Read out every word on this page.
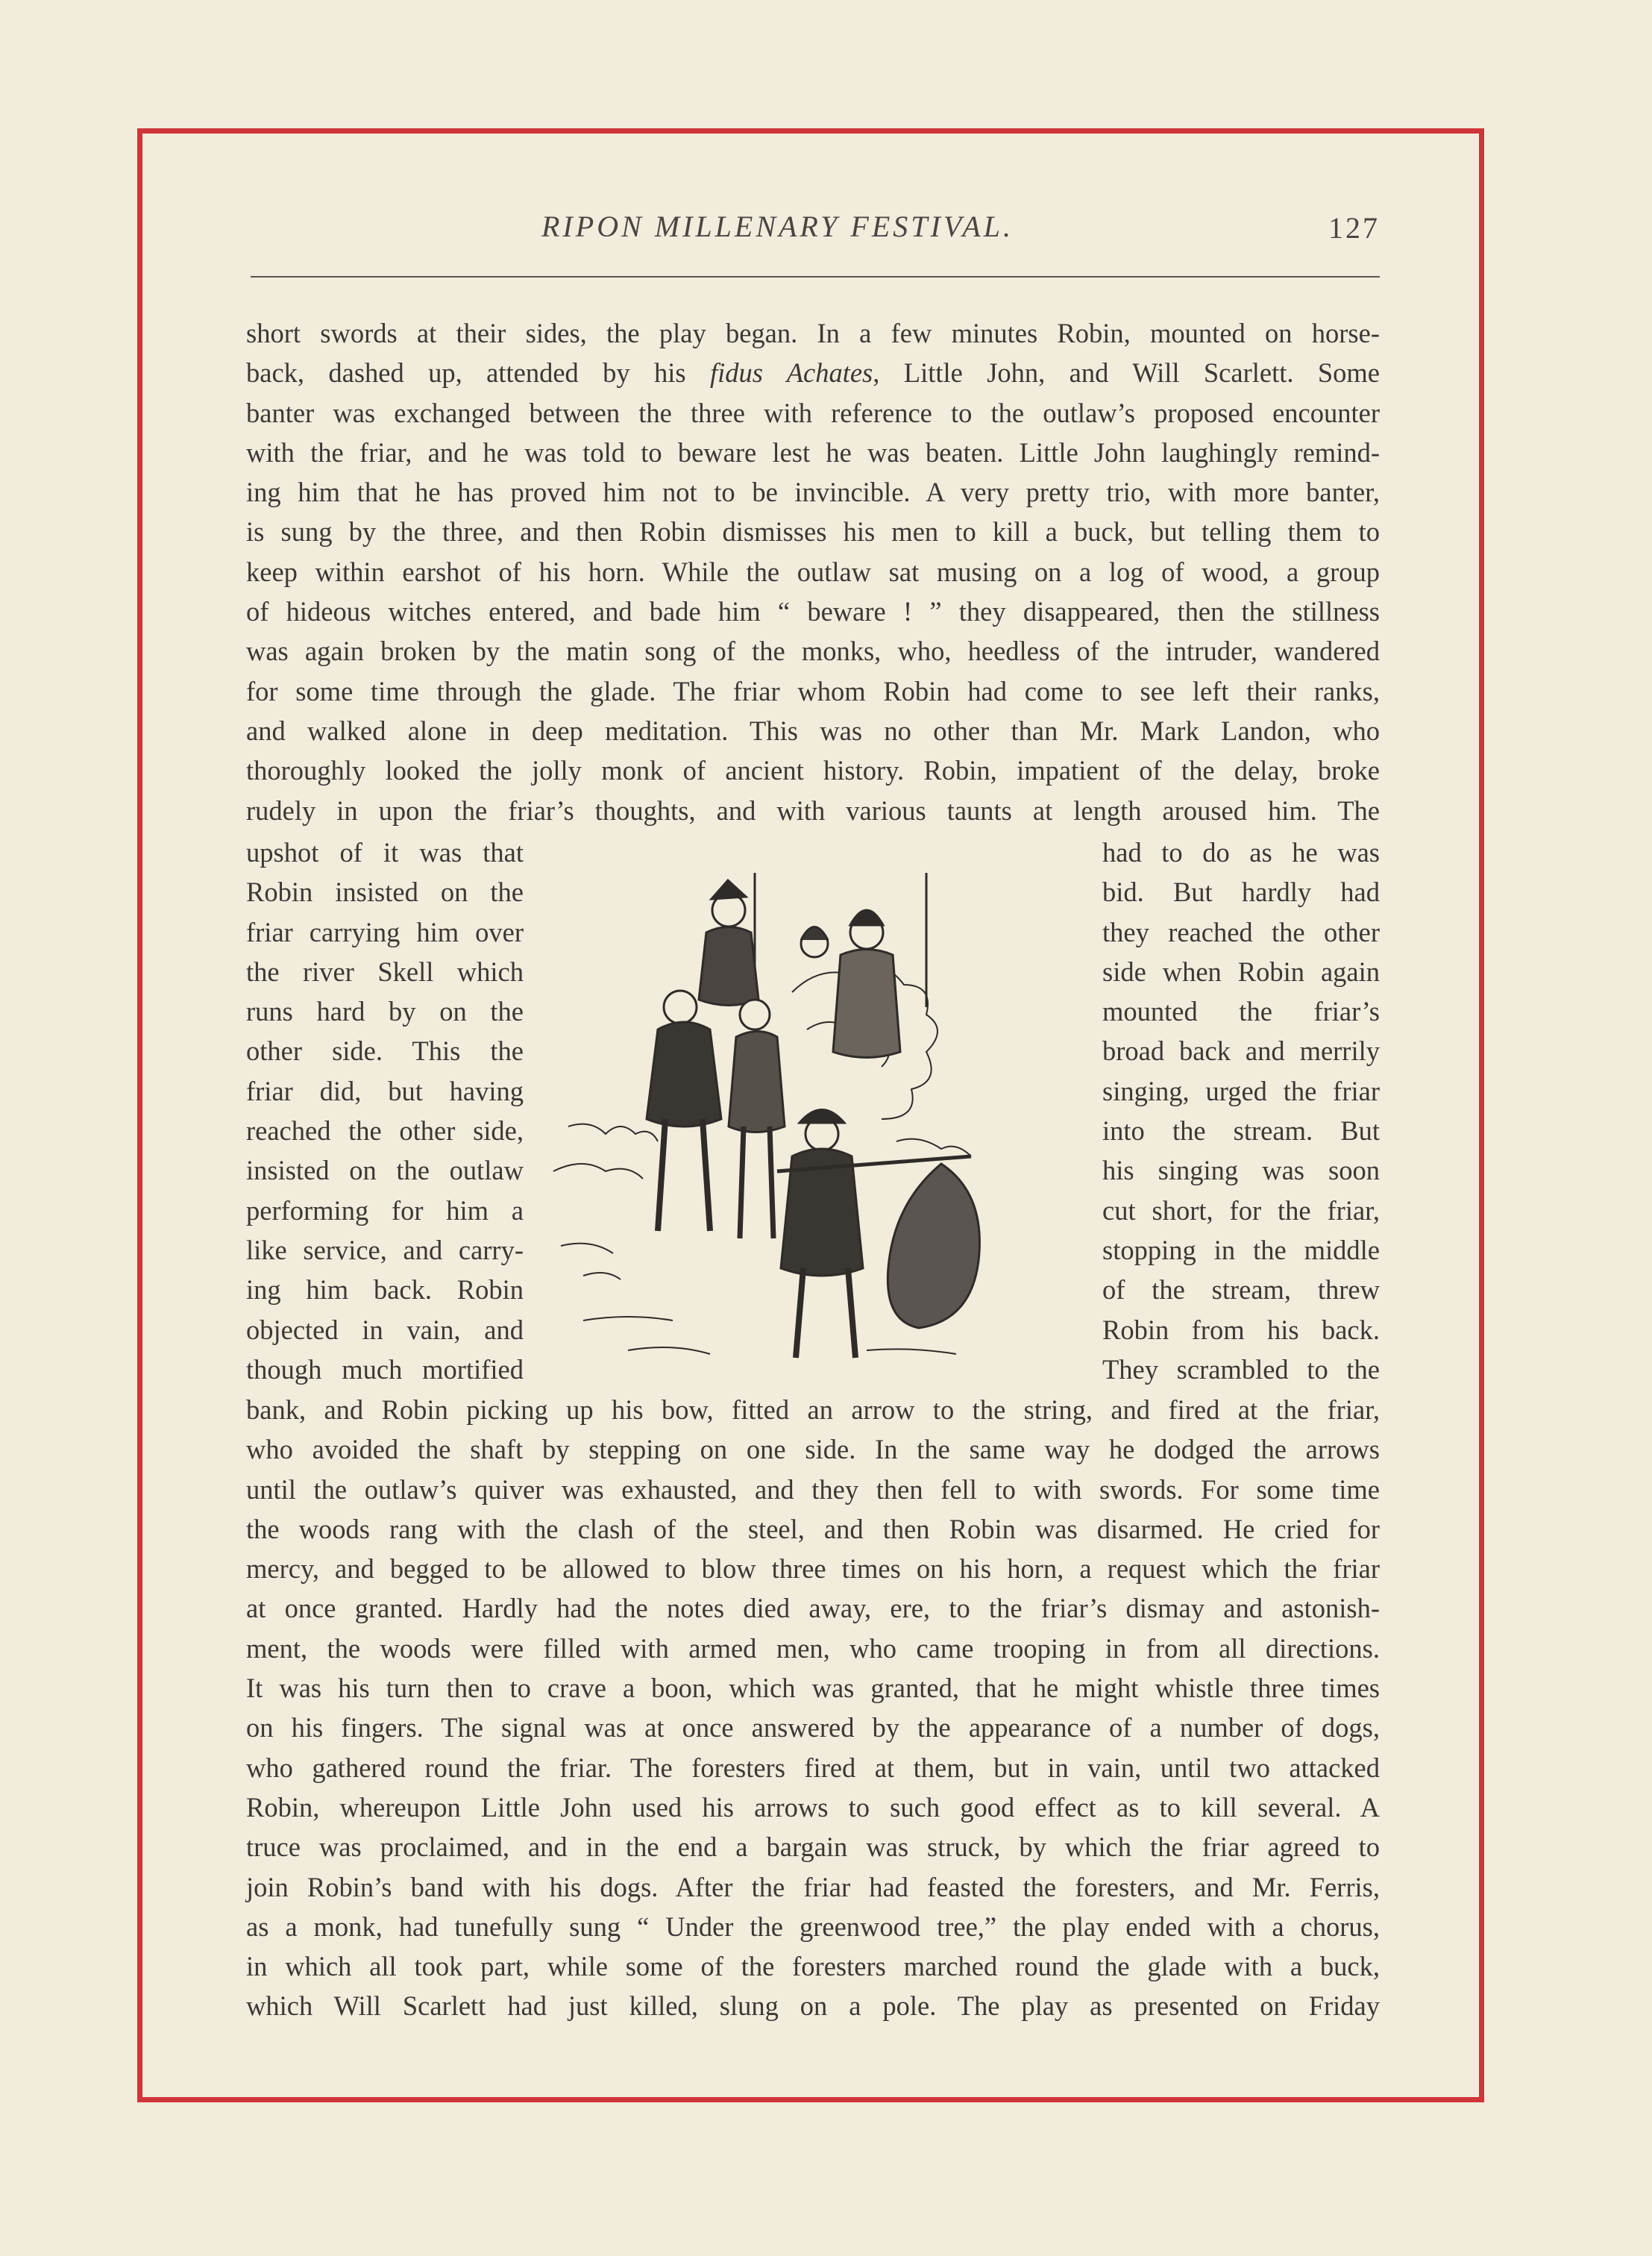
RIPON MILLENARY FESTIVAL.	127

short swords at their sides, the play began. In a few minutes Robin, mounted on horse-

back, dashed up, attended by his fidus Achates, Little John, and Will Scarlett. Some

banter was exchanged between the three with reference to the outlaw’s proposed encounter

with the friar, and he was told to beware lest he was beaten. Little John laughingly remind-

ing him that he has proved him not to be invincible. A very pretty trio, with more banter,

is sung by the three, and then Robin dismisses his men to kill a buck, but telling them to

keep within earshot of his horn. While the outlaw sat musing on a log of wood, a group

of hideous witches entered, and bade him “ beware ! ” they disappeared, then the stillness

was again broken by the matin song of the monks, who, heedless of the intruder, wandered

for some time through the glade. The friar whom Robin had come to see left their ranks,

and walked alone in deep meditation. This was no other than Mr. Mark Landon, who

thoroughly looked the jolly monk of ancient history. Robin, impatient of the delay, broke

rudely in upon the friar’s thoughts, and with various taunts at length aroused him. The

upshot of it was that

Robin insisted on the

friar carrying him over

the river Skell which

runs hard by on the

other side. This the

friar did, but having

reached the other side,

insisted on the outlaw

performing for him a

like service, and carry-

ing him back. Robin

objected in vain, and

though much mortified

had to do as he was

bid. But hardly had

they reached the other

side when Robin again

mounted the friar’s

broad back and merrily

singing, urged the friar

into the stream. But

his singing was soon

cut short, for the friar,

stopping in the middle

of the stream, threw

Robin from his back.

They scrambled to the

bank, and Robin picking up his bow, fitted an arrow to the string, and fired at the friar,

who avoided the shaft by stepping on one side. In the same way he dodged the arrows

until the outlaw’s quiver was exhausted, and they then fell to with swords. For some time

the woods rang with the clash of the steel, and then Robin was disarmed. He cried for

mercy, and begged to be allowed to blow three times on his horn, a request which the friar

at once granted. Hardly had the notes died away, ere, to the friar’s dismay and astonish-

ment, the woods were filled with armed men, who came trooping in from all directions.

It was his turn then to crave a boon, which was granted, that he might whistle three times

on his fingers. The signal was at once answered by the appearance of a number of dogs,

who gathered round the friar. The foresters fired at them, but in vain, until two attacked

Robin, whereupon Little John used his arrows to such good effect as to kill several. A

truce was proclaimed, and in the end a bargain was struck, by which the friar agreed to

join Robin’s band with his dogs. After the friar had feasted the foresters, and Mr. Ferris,

as a monk, had tunefully sung “ Under the greenwood tree,” the play ended with a chorus,

in which all took part, while some of the foresters marched round the glade with a buck,

which Will Scarlett had just killed, slung on a pole. The play as presented on Friday
